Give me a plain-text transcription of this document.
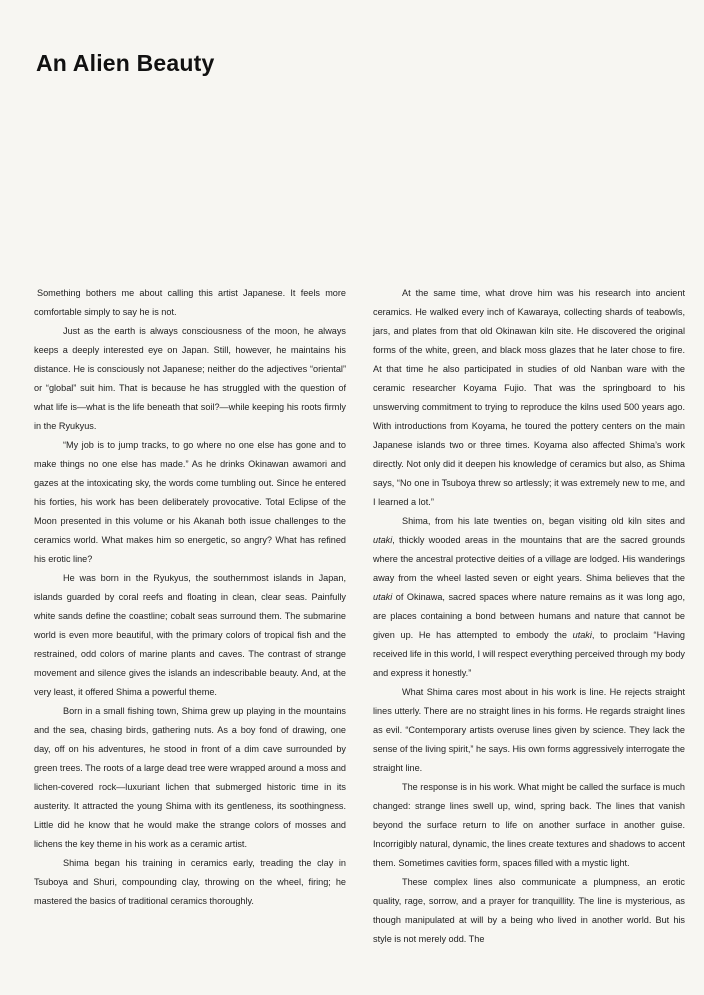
An Alien Beauty

Something bothers me about calling this artist Japanese. It feels more comfortable simply to say he is not.

Just as the earth is always consciousness of the moon, he always keeps a deeply interested eye on Japan. Still, however, he maintains his distance. He is consciously not Japanese; neither do the adjectives “oriental” or “global” suit him. That is because he has struggled with the question of what life is—what is the life beneath that soil?—while keeping his roots firmly in the Ryukyus.

“My job is to jump tracks, to go where no one else has gone and to make things no one else has made.” As he drinks Okinawan awamori and gazes at the intoxicating sky, the words come tumbling out. Since he entered his forties, his work has been deliberately provocative. Total Eclipse of the Moon presented in this volume or his Akanah both issue challenges to the ceramics world. What makes him so energetic, so angry? What has refined his erotic line?

He was born in the Ryukyus, the southernmost islands in Japan, islands guarded by coral reefs and floating in clean, clear seas. Painfully white sands define the coastline; cobalt seas surround them. The submarine world is even more beautiful, with the primary colors of tropical fish and the restrained, odd colors of marine plants and caves. The contrast of strange movement and silence gives the islands an indescribable beauty. And, at the very least, it offered Shima a powerful theme.

Born in a small fishing town, Shima grew up playing in the mountains and the sea, chasing birds, gathering nuts. As a boy fond of drawing, one day, off on his adventures, he stood in front of a dim cave surrounded by green trees. The roots of a large dead tree were wrapped around a moss and lichen-covered rock—luxuriant lichen that submerged historic time in its austerity. It attracted the young Shima with its gentleness, its soothingness. Little did he know that he would make the strange colors of mosses and lichens the key theme in his work as a ceramic artist.

Shima began his training in ceramics early, treading the clay in Tsuboya and Shuri, compounding clay, throwing on the wheel, firing; he mastered the basics of traditional ceramics thoroughly.

At the same time, what drove him was his research into ancient ceramics. He walked every inch of Kawaraya, collecting shards of teabowls, jars, and plates from that old Okinawan kiln site. He discovered the original forms of the white, green, and black moss glazes that he later chose to fire. At that time he also participated in studies of old Nanban ware with the ceramic researcher Koyama Fujio. That was the springboard to his unswerving commitment to trying to reproduce the kilns used 500 years ago. With introductions from Koyama, he toured the pottery centers on the main Japanese islands two or three times. Koyama also affected Shima’s work directly. Not only did it deepen his knowledge of ceramics but also, as Shima says, “No one in Tsuboya threw so artlessly; it was extremely new to me, and I learned a lot.”

Shima, from his late twenties on, began visiting old kiln sites and utaki, thickly wooded areas in the mountains that are the sacred grounds where the ancestral protective deities of a village are lodged. His wanderings away from the wheel lasted seven or eight years. Shima believes that the utaki of Okinawa, sacred spaces where nature remains as it was long ago, are places containing a bond between humans and nature that cannot be given up. He has attempted to embody the utaki, to proclaim “Having received life in this world, I will respect everything perceived through my body and express it honestly.”

What Shima cares most about in his work is line. He rejects straight lines utterly. There are no straight lines in his forms. He regards straight lines as evil. “Contemporary artists overuse lines given by science. They lack the sense of the living spirit,” he says. His own forms aggressively interrogate the straight line.

The response is in his work. What might be called the surface is much changed: strange lines swell up, wind, spring back. The lines that vanish beyond the surface return to life on another surface in another guise. Incorrigibly natural, dynamic, the lines create textures and shadows to accent them. Sometimes cavities form, spaces filled with a mystic light.

These complex lines also communicate a plumpness, an erotic quality, rage, sorrow, and a prayer for tranquillity. The line is mysterious, as though manipulated at will by a being who lived in another world. But his style is not merely odd. The
